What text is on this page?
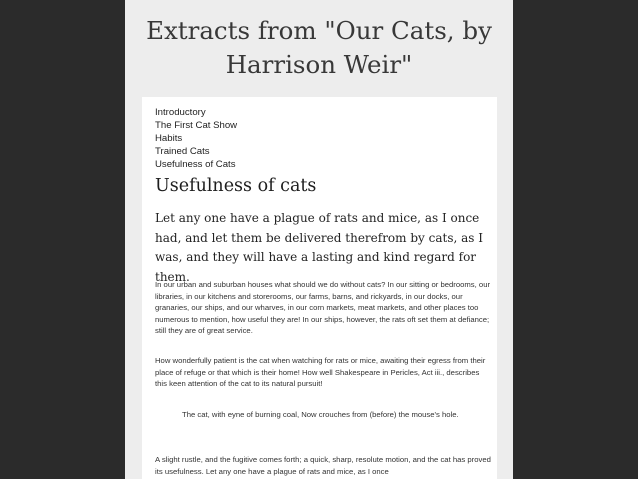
Extracts from "Our Cats, by
Harrison Weir"
Introductory
The First Cat Show
Habits
Trained Cats
Usefulness of Cats
Usefulness of cats

Let any one have a plague of rats and mice, as I once had, and let them be delivered therefrom by cats, as I was, and they will have a lasting and kind regard for them.

In our urban and suburban houses what should we do without cats? In our sitting or bedrooms, our libraries, in our kitchens and storerooms, our farms, barns, and rickyards, in our docks, our granaries, our ships, and our wharves, in our corn markets, meat markets, and other places too numerous to mention, how useful they are! In our ships, however, the rats oft set them at defiance; still they are of great service.

How wonderfully patient is the cat when watching for rats or mice, awaiting their egress from their place of refuge or that which is their home! How well Shakespeare in Pericles, Act iii., describes this keen attention of the cat to its natural pursuit!

The cat, with eyne of burning coal, Now crouches from (before) the mouse's hole.

A slight rustle, and the fugitive comes forth; a quick, sharp, resolute motion, and the cat has proved its usefulness. Let any one have a plague of rats and mice, as I once
